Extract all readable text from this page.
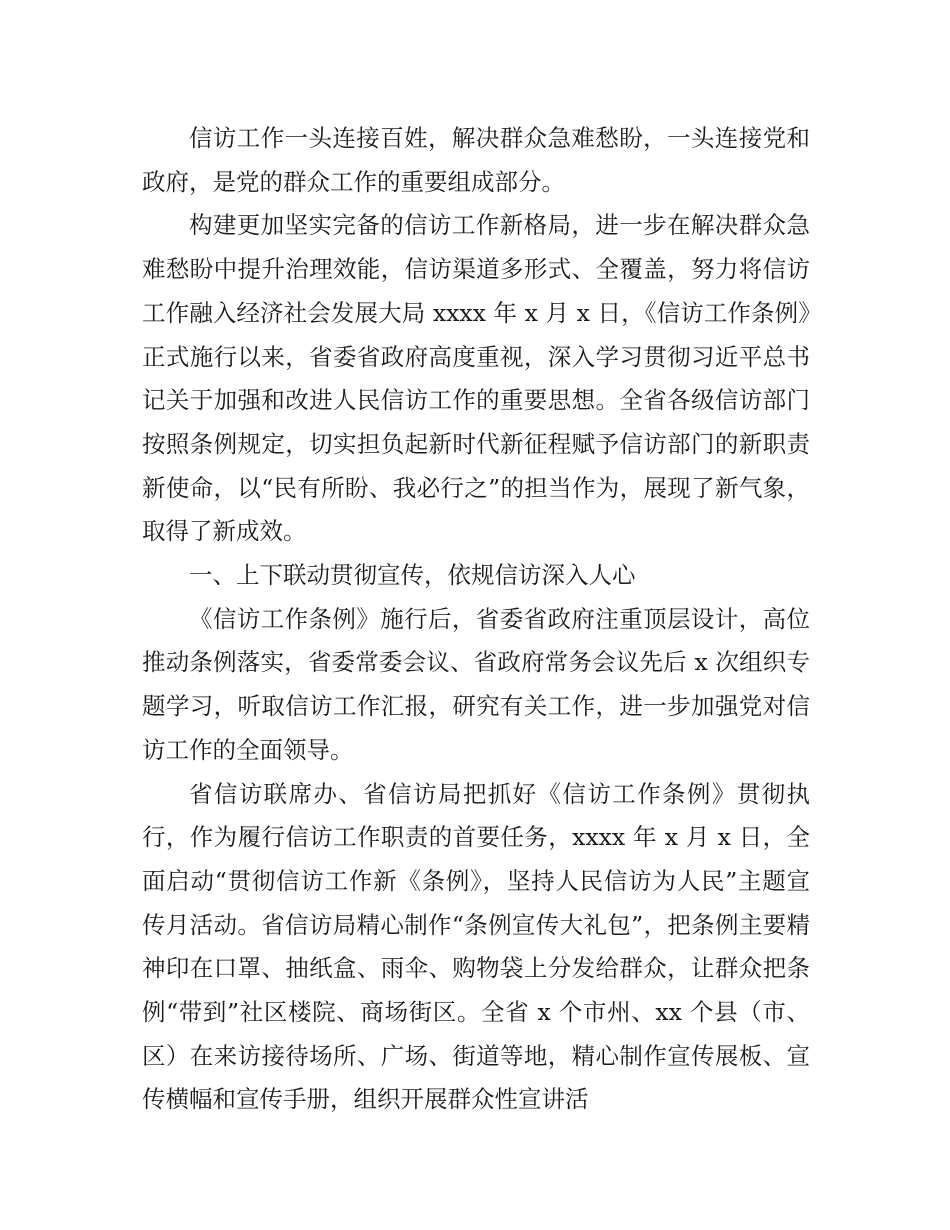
信访工作一头连接百姓，解决群众急难愁盼，一头连接党和政府，是党的群众工作的重要组成部分。

构建更加坚实完备的信访工作新格局，进一步在解决群众急难愁盼中提升治理效能，信访渠道多形式、全覆盖，努力将信访工作融入经济社会发展大局 xxxx 年 x 月 x 日，《信访工作条例》正式施行以来，省委省政府高度重视，深入学习贯彻习近平总书记关于加强和改进人民信访工作的重要思想。全省各级信访部门按照条例规定，切实担负起新时代新征程赋予信访部门的新职责新使命，以“民有所盼、我必行之”的担当作为，展现了新气象，取得了新成效。

一、上下联动贯彻宣传，依规信访深入人心

《信访工作条例》施行后，省委省政府注重顶层设计，高位推动条例落实，省委常委会议、省政府常务会议先后 x 次组织专题学习，听取信访工作汇报，研究有关工作，进一步加强党对信访工作的全面领导。

省信访联席办、省信访局把抓好《信访工作条例》贯彻执行，作为履行信访工作职责的首要任务，xxxx 年 x 月 x 日，全面启动“贯彻信访工作新《条例》，坚持人民信访为人民”主题宣传月活动。省信访局精心制作“条例宣传大礼包”，把条例主要精神印在口罩、抽纸盒、雨伞、购物袋上分发给群众，让群众把条例“带到”社区楼院、商场街区。全省 x 个市州、xx 个县（市、区）在来访接待场所、广场、街道等地，精心制作宣传展板、宣传横幅和宣传手册，组织开展群众性宣讲活
